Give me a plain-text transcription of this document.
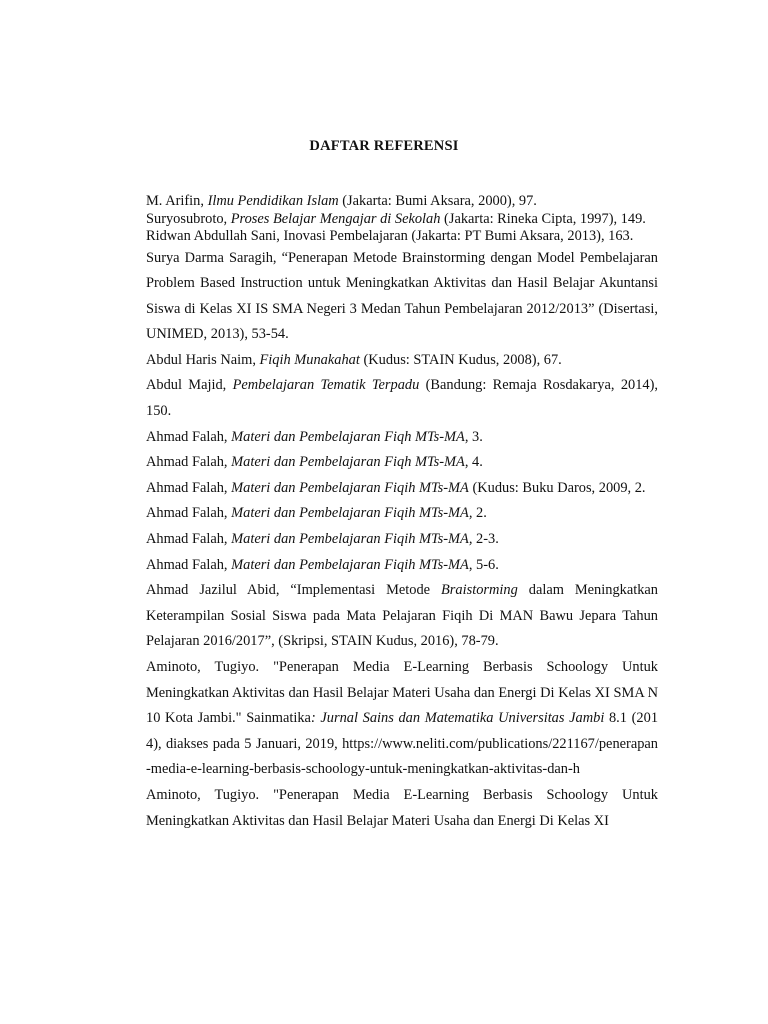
DAFTAR REFERENSI
M. Arifin, Ilmu Pendidikan Islam (Jakarta: Bumi Aksara, 2000), 97.
Suryosubroto, Proses Belajar Mengajar di Sekolah (Jakarta: Rineka Cipta, 1997), 149.
Ridwan Abdullah Sani, Inovasi Pembelajaran (Jakarta: PT Bumi Aksara, 2013), 163.
Surya Darma Saragih, “Penerapan Metode Brainstorming dengan Model Pembelajaran Problem Based Instruction untuk Meningkatkan Aktivitas dan Hasil Belajar Akuntansi Siswa di Kelas XI IS SMA Negeri 3 Medan Tahun Pembelajaran 2012/2013” (Disertasi, UNIMED, 2013), 53-54.
Abdul Haris Naim, Fiqih Munakahat (Kudus: STAIN Kudus, 2008), 67.
Abdul Majid, Pembelajaran Tematik Terpadu (Bandung: Remaja Rosdakarya, 2014), 150.
Ahmad Falah, Materi dan Pembelajaran Fiqh MTs-MA, 3.
Ahmad Falah, Materi dan Pembelajaran Fiqh MTs-MA, 4.
Ahmad Falah, Materi dan Pembelajaran Fiqih MTs-MA (Kudus: Buku Daros, 2009, 2.
Ahmad Falah, Materi dan Pembelajaran Fiqih MTs-MA, 2.
Ahmad Falah, Materi dan Pembelajaran Fiqih MTs-MA, 2-3.
Ahmad Falah, Materi dan Pembelajaran Fiqih MTs-MA, 5-6.
Ahmad Jazilul Abid, “Implementasi Metode Braistorming dalam Meningkatkan Keterampilan Sosial Siswa pada Mata Pelajaran Fiqih Di MAN Bawu Jepara Tahun Pelajaran 2016/2017”, (Skripsi, STAIN Kudus, 2016), 78-79.
Aminoto, Tugiyo. "Penerapan Media E-Learning Berbasis Schoology Untuk Meningkatkan Aktivitas dan Hasil Belajar Materi Usaha dan Energi Di Kelas XI SMA N 10 Kota Jambi." Sainmatika: Jurnal Sains dan Matematika Universitas Jambi 8.1 (2014), diakses pada 5 Januari, 2019, https://www.neliti.com/publications/221167/penerapan-media-e-learning-berbasis-schoology-untuk-meningkatkan-aktivitas-dan-h
Aminoto, Tugiyo. "Penerapan Media E-Learning Berbasis Schoology Untuk Meningkatkan Aktivitas dan Hasil Belajar Materi Usaha dan Energi Di Kelas XI
